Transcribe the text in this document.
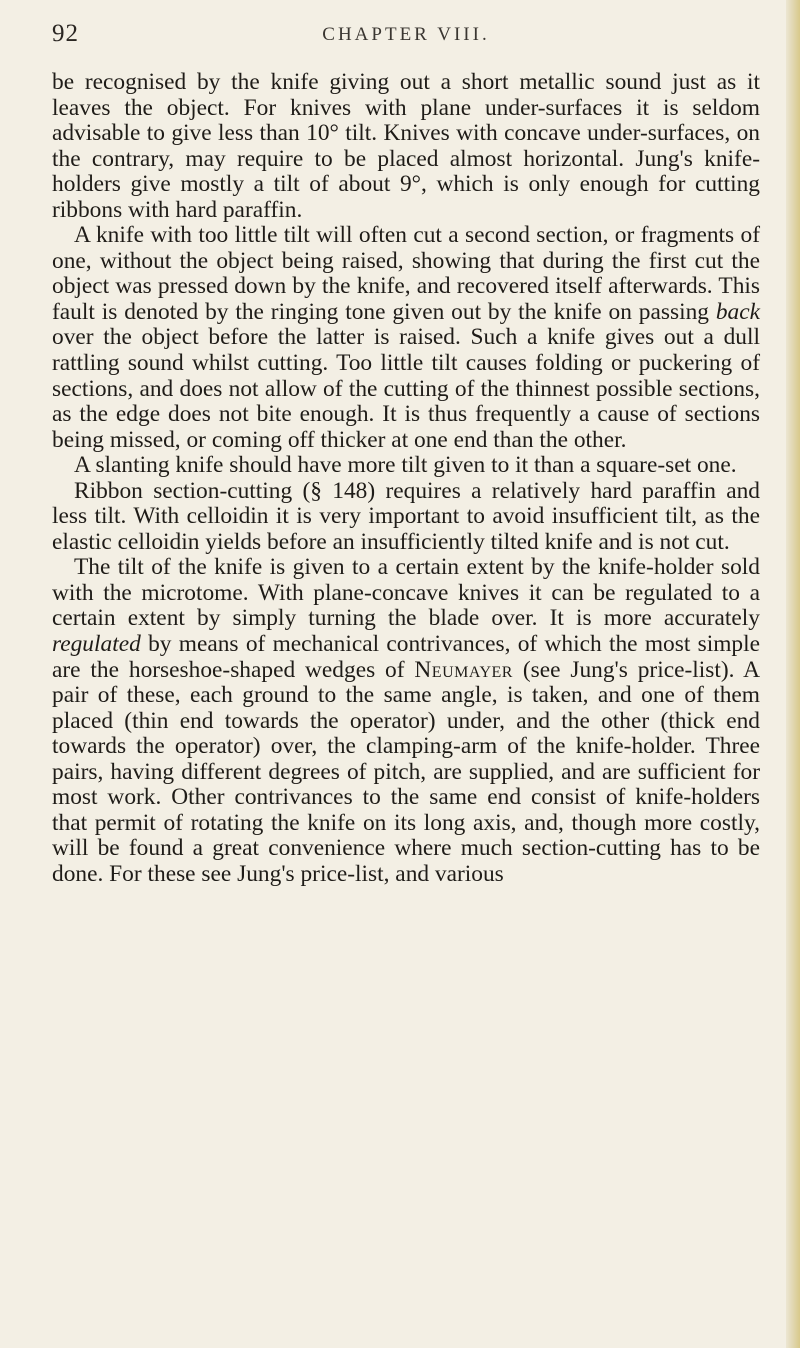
92	CHAPTER VIII.

be recognised by the knife giving out a short metallic sound just as it leaves the object. For knives with plane under-surfaces it is seldom advisable to give less than 10° tilt. Knives with concave under-surfaces, on the contrary, may require to be placed almost horizontal. Jung's knife-holders give mostly a tilt of about 9°, which is only enough for cutting ribbons with hard paraffin.

A knife with too little tilt will often cut a second section, or fragments of one, without the object being raised, showing that during the first cut the object was pressed down by the knife, and recovered itself afterwards. This fault is denoted by the ringing tone given out by the knife on passing back over the object before the latter is raised. Such a knife gives out a dull rattling sound whilst cutting. Too little tilt causes folding or puckering of sections, and does not allow of the cutting of the thinnest possible sections, as the edge does not bite enough. It is thus frequently a cause of sections being missed, or coming off thicker at one end than the other.

A slanting knife should have more tilt given to it than a square-set one.

Ribbon section-cutting (§ 148) requires a relatively hard paraffin and less tilt. With celloidin it is very important to avoid insufficient tilt, as the elastic celloidin yields before an insufficiently tilted knife and is not cut.

The tilt of the knife is given to a certain extent by the knife-holder sold with the microtome. With plane-concave knives it can be regulated to a certain extent by simply turning the blade over. It is more accurately regulated by means of mechanical contrivances, of which the most simple are the horseshoe-shaped wedges of Neumayer (see Jung's price-list). A pair of these, each ground to the same angle, is taken, and one of them placed (thin end towards the operator) under, and the other (thick end towards the operator) over, the clamping-arm of the knife-holder. Three pairs, having different degrees of pitch, are supplied, and are sufficient for most work. Other contrivances to the same end consist of knife-holders that permit of rotating the knife on its long axis, and, though more costly, will be found a great convenience where much section-cutting has to be done. For these see Jung's price-list, and various
